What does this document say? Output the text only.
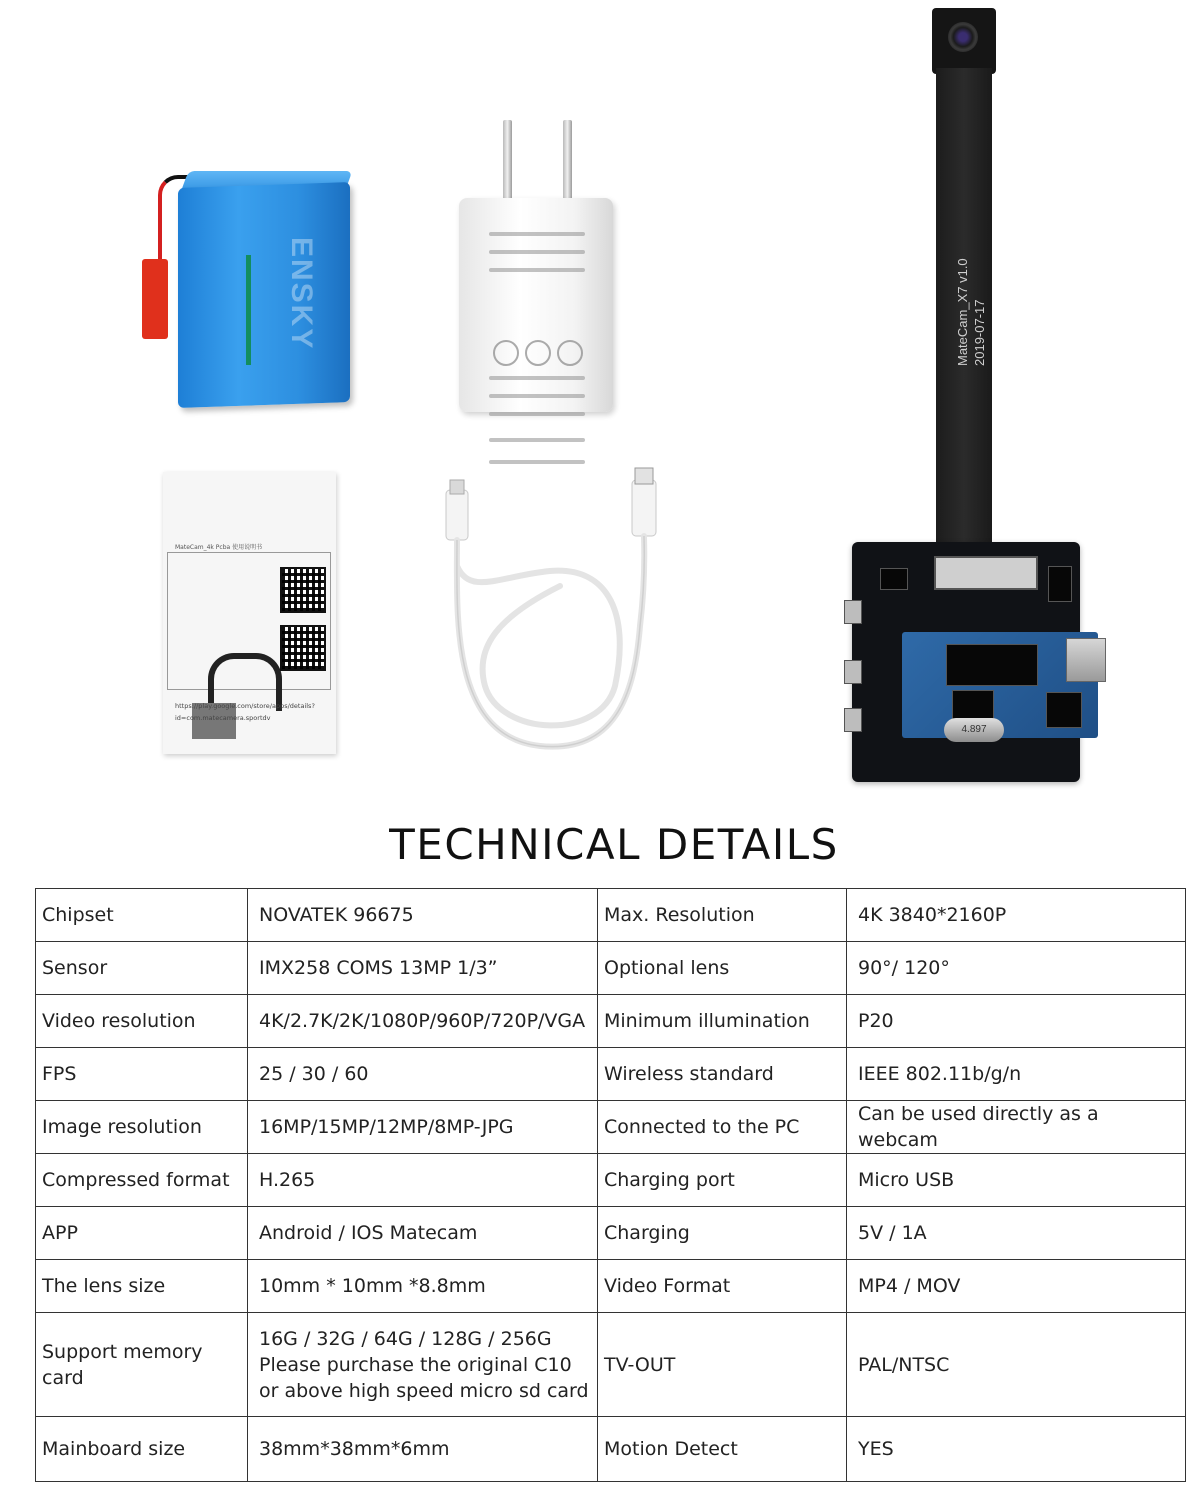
ENSKY
MateCam_4k Pcba 使用说明书
https://play.google.com/store/apps/details?id=com.matecamera.sportdv
MateCam_X7 v1.0 2019-07-17
4.897
TECHNICAL DETAILS
Chipset	NOVATEK 96675	Max. Resolution	4K 3840*2160P
Sensor	IMX258 COMS 13MP 1/3”	Optional lens	90°/ 120°
Video resolution	4K/2.7K/2K/1080P/960P/720P/VGA	Minimum illumination	P20
FPS	25 / 30 / 60	Wireless standard	IEEE 802.11b/g/n
Image resolution	16MP/15MP/12MP/8MP-JPG	Connected to the PC	Can be used directly as a webcam
Compressed format	H.265	Charging port	Micro USB
APP	Android / IOS Matecam	Charging	5V / 1A
The lens size	10mm * 10mm *8.8mm	Video Format	MP4 / MOV
Support memory card	16G / 32G / 64G / 128G / 256G
Please purchase the original C10
or above high speed micro sd card	TV-OUT	PAL/NTSC
Mainboard size	38mm*38mm*6mm	Motion Detect	YES
